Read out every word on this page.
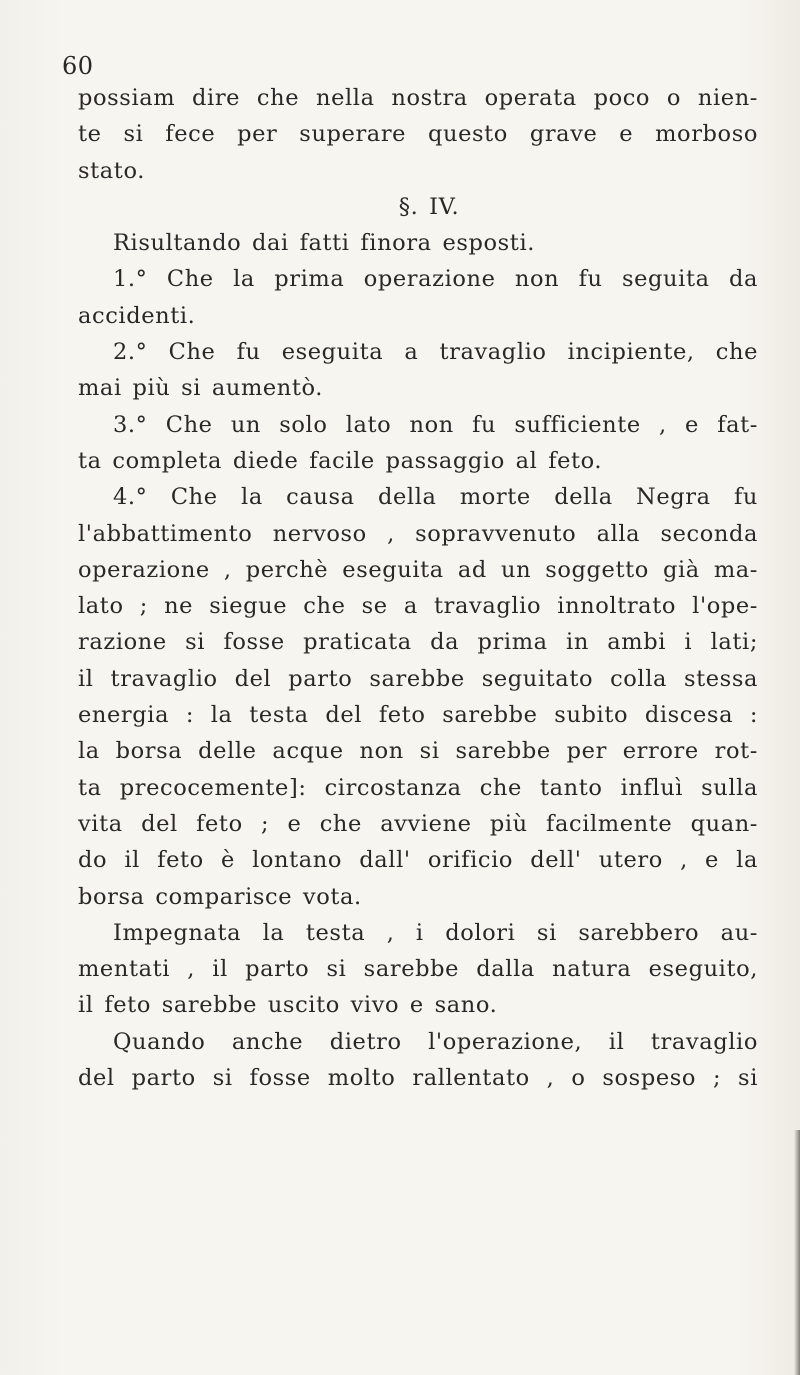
60
possiam dire che nella nostra operata poco o nien-
te si fece per superare questo grave e morboso
stato.
§. IV.
Risultando dai fatti finora esposti.
1.° Che la prima operazione non fu seguita da
accidenti.
2.° Che fu eseguita a travaglio incipiente, che
mai più si aumentò.
3.° Che un solo lato non fu sufficiente , e fat-
ta completa diede facile passaggio al feto.
4.° Che la causa della morte della Negra fu
l'abbattimento nervoso , sopravvenuto alla seconda
operazione , perchè eseguita ad un soggetto già ma-
lato ; ne siegue che se a travaglio innoltrato l'ope-
razione si fosse praticata da prima in ambi i lati;
il travaglio del parto sarebbe seguitato colla stessa
energia : la testa del feto sarebbe subito discesa :
la borsa delle acque non si sarebbe per errore rot-
ta precocemente]: circostanza che tanto influì sulla
vita del feto ; e che avviene più facilmente quan-
do il feto è lontano dall' orificio dell' utero , e la
borsa comparisce vota.
Impegnata la testa , i dolori si sarebbero au-
mentati , il parto si sarebbe dalla natura eseguito,
il feto sarebbe uscito vivo e sano.
Quando anche dietro l'operazione, il travaglio
del parto si fosse molto rallentato , o sospeso ; si
